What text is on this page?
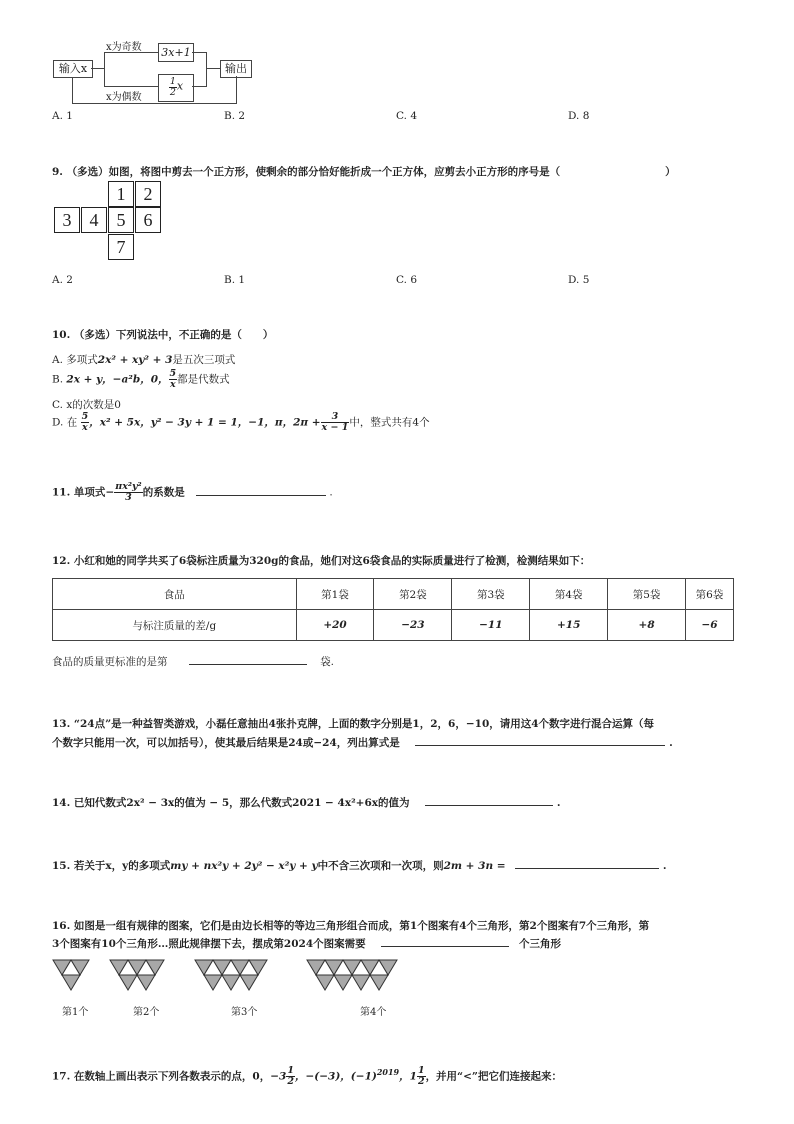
输入x
x为奇数
x为偶数
3x+1
$\frac{1}{2}$ x
输出
A. 1	B. 2	C. 4	D. 8
9. （多选）如图，将图中剪去一个正方形，使剩余的部分恰好能折成一个正方体，应剪去小正方形的序号是（　　　　　　　　　　）
1	2
3	4	5	6
7
A. 2	B. 1	C. 6	D. 5
10. （多选）下列说法中，不正确的是（　　）
A. 多项式2x² + xy² + 3是五次三项式
B. 2x + y，−a²b，0， $\frac{5}{x}$ 都是代数式
C. x的次数是0
D. 在 $\frac{5}{x}$ ，x² + 5x，y² − 3y + 1 = 1，−1，π，$2\pi + \frac{3}{x - 1}$ 中，整式共有4个
11. 单项式− $\frac{\text{πx²y²}}{3}$ 的系数是	.
12. 小红和她的同学共买了6袋标注质量为320g的食品，她们对这6袋食品的实际质量进行了检测，检测结果如下：
食品	第1袋	第2袋	第3袋	第4袋	第5袋	第6袋
与标注质量的差/g	+20	−23	−11	+15	+8	−6
食品的质量更标准的是第	袋.
13. “24点”是一种益智类游戏，小磊任意抽出4张扑克牌，上面的数字分别是1，2，6，−10，请用这4个数字进行混合运算（每
个数字只能用一次，可以加括号），使其最后结果是24或−24，列出算式是	.
14. 已知代数式2x² − 3x的值为 − 5，那么代数式2021 − 4x²+6x的值为	.
15. 若关于x，y的多项式my + nx²y + 2y² − x²y + y中不含三次项和一次项，则2m + 3n =	.
16. 如图是一组有规律的图案，它们是由边长相等的等边三角形组合而成，第1个图案有4个三角形，第2个图案有7个三角形，第
3个图案有10个三角形…照此规律摆下去，摆成第2024个图案需要	个三角形
第1个	第2个	第3个	第4个
17. 在数轴上画出表示下列各数表示的点，0，$-3 \frac{1}{2}$ ，−(−3)，$(-1)^{2019}$，$1 \frac{1}{2}$ ，并用“<”把它们连接起来：
